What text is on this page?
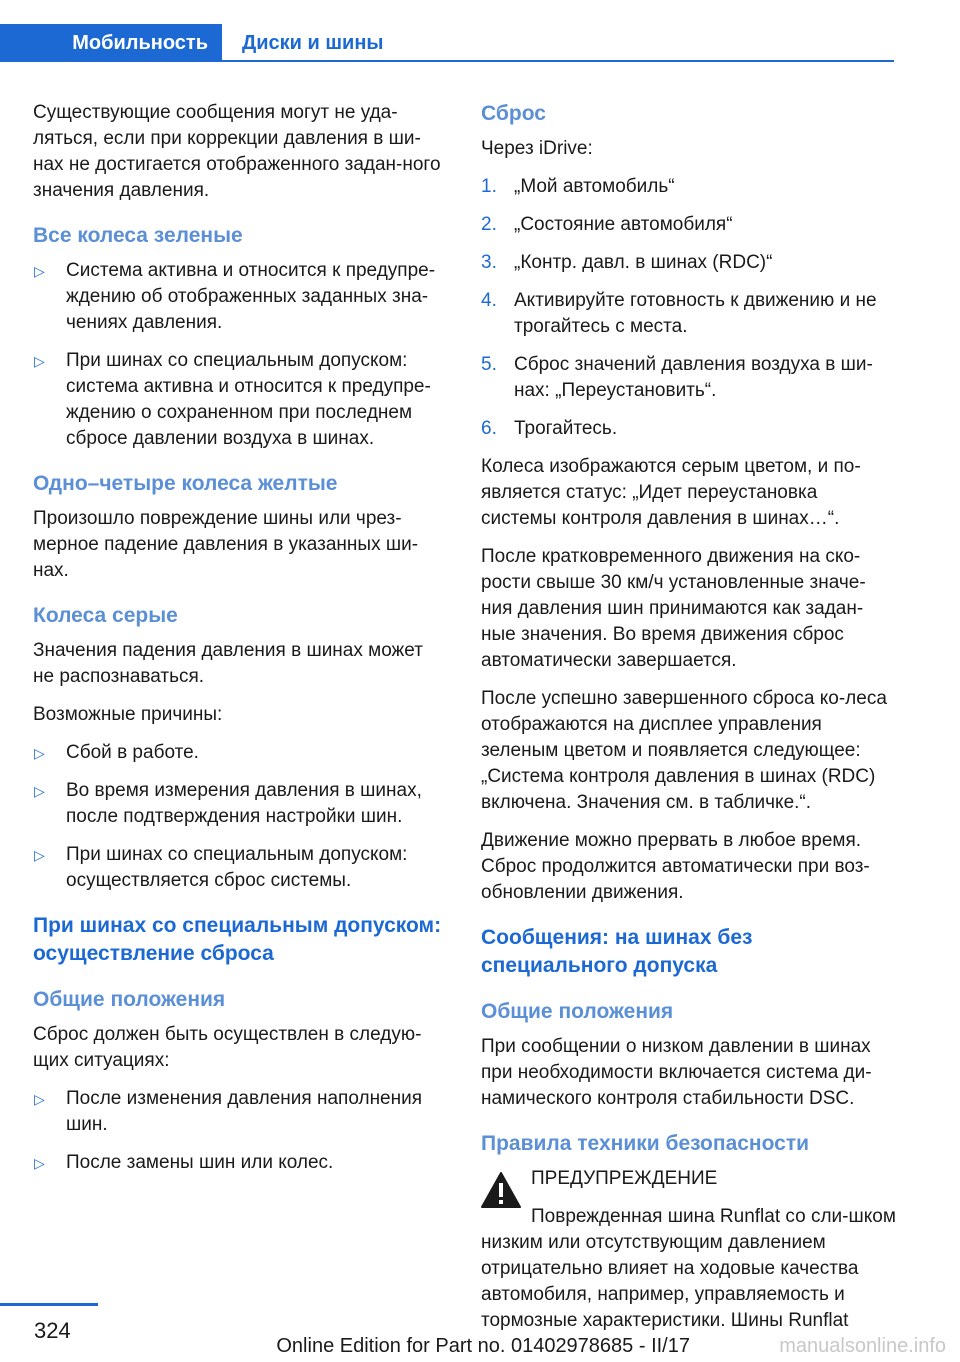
Мобильность	Диски и шины

Существующие сообщения могут не уда-ляться, если при коррекции давления в ши-нах не достигается отображенного задан-ного значения давления.

Все колеса зеленые
▷ Система активна и относится к предупре-ждению об отображенных заданных зна-чениях давления.
▷ При шинах со специальным допуском: система активна и относится к предупре-ждению о сохраненном при последнем сбросе давлении воздуха в шинах.
Одно–четыре колеса желтые

Произошло повреждение шины или чрез-мерное падение давления в указанных ши-нах.

Колеса серые

Значения падения давления в шинах может не распознаваться.

Возможные причины:

▷ Сбой в работе.
▷ Во время измерения давления в шинах, после подтверждения настройки шин.
▷ При шинах со специальным допуском: осуществляется сброс системы.
При шинах со специальным допуском: осуществление сброса
Общие положения

Сброс должен быть осуществлен в следую-щих ситуациях:

▷ После изменения давления наполнения шин.
▷ После замены шин или колес.
Сброс

Через iDrive:

1. „Мой автомобиль“
2. „Состояние автомобиля“
3. „Контр. давл. в шинах (RDC)“
4. Активируйте готовность к движению и не трогайтесь с места.
5. Сброс значений давления воздуха в ши-нах: „Переустановить“.
6. Трогайтесь.

Колеса изображаются серым цветом, и по-является статус: „Идет переустановка системы контроля давления в шинах…“.

После кратковременного движения на ско-рости свыше 30 км/ч установленные значе-ния давления шин принимаются как задан-ные значения. Во время движения сброс автоматически завершается.

После успешно завершенного сброса ко-леса отображаются на дисплее управления зеленым цветом и появляется следующее: „Система контроля давления в шинах (RDC) включена. Значения см. в табличке.“.

Движение можно прервать в любое время. Сброс продолжится автоматически при воз-обновлении движения.

Сообщения: на шинах без специального допуска
Общие положения

При сообщении о низком давлении в шинах при необходимости включается система ди-намического контроля стабильности DSC.

Правила техники безопасности
ПРЕДУПРЕЖДЕНИЕ
Поврежденная шина Runflat со сли-шком низким или отсутствующим давлением отрицательно влияет на ходовые качества автомобиля, например, управляемость и тормозные характеристики. Шины Runflat
324
Online Edition for Part no. 01402978685 - II/17	manualsonline.info
